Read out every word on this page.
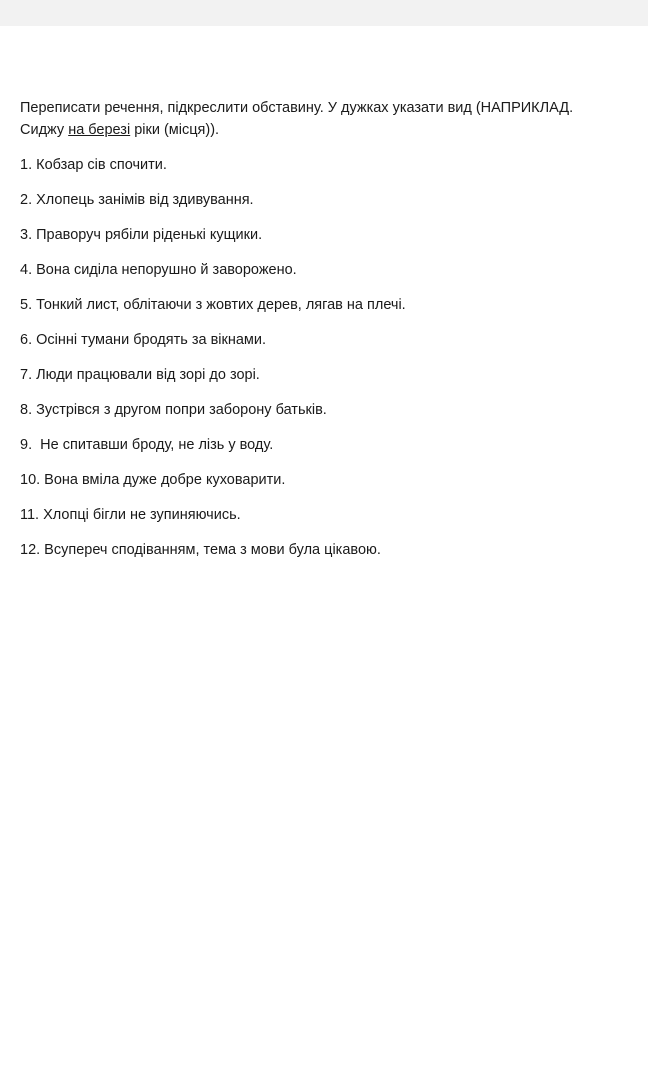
Переписати речення, підкреслити обставину. У дужках указати вид (НАПРИКЛАД.
Сиджу на березі ріки (місця)).

1. Кобзар сів спочити.
2. Хлопець занімів від здивування.
3. Праворуч рябіли ріденькі кущики.
4. Вона сиділа непорушно й заворожено.
5. Тонкий лист, облітаючи з жовтих дерев, лягав на плечі.
6. Осінні тумани бродять за вікнами.
7. Люди працювали від зорі до зорі.
8. Зустрівся з другом попри заборону батьків.
9.  Не спитавши броду, не лізь у воду.
10. Вона вміла дуже добре куховарити.
11. Хлопці бігли не зупиняючись.
12. Всупереч сподіванням, тема з мови була цікавою.
